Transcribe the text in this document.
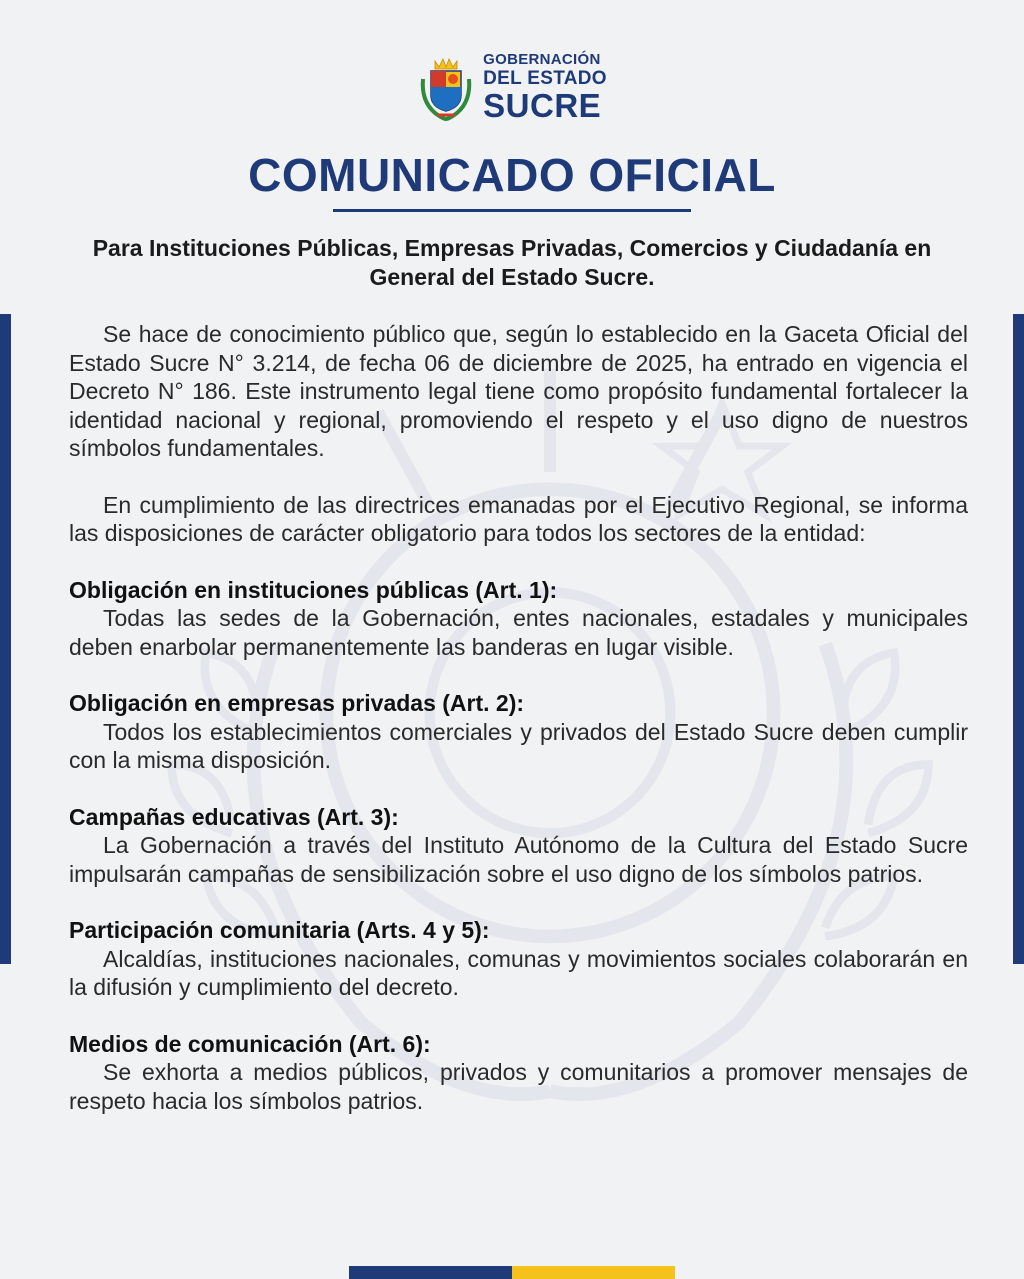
GOBERNACIÓN
DEL ESTADO
SUCRE
COMUNICADO OFICIAL
Para Instituciones Públicas, Empresas Privadas, Comercios y Ciudadanía en General del Estado Sucre.

Se hace de conocimiento público que, según lo establecido en la Gaceta Oficial del Estado Sucre N° 3.214, de fecha 06 de diciembre de 2025, ha entrado en vigencia el Decreto N° 186. Este instrumento legal tiene como propósito fundamental fortalecer la identidad nacional y regional, promoviendo el respeto y el uso digno de nuestros símbolos fundamentales.

En cumplimiento de las directrices emanadas por el Ejecutivo Regional, se informa las disposiciones de carácter obligatorio para todos los sectores de la entidad:

Obligación en instituciones públicas (Art. 1):

Todas las sedes de la Gobernación, entes nacionales, estadales y municipales deben enarbolar permanentemente las banderas en lugar visible.

Obligación en empresas privadas (Art. 2):

Todos los establecimientos comerciales y privados del Estado Sucre deben cumplir con la misma disposición.

Campañas educativas (Art. 3):

La Gobernación a través del Instituto Autónomo de la Cultura del Estado Sucre impulsarán campañas de sensibilización sobre el uso digno de los símbolos patrios.

Participación comunitaria (Arts. 4 y 5):

Alcaldías, instituciones nacionales, comunas y movimientos sociales colaborarán en la difusión y cumplimiento del decreto.

Medios de comunicación (Art. 6):

Se exhorta a medios públicos, privados y comunitarios a promover mensajes de respeto hacia los símbolos patrios.
